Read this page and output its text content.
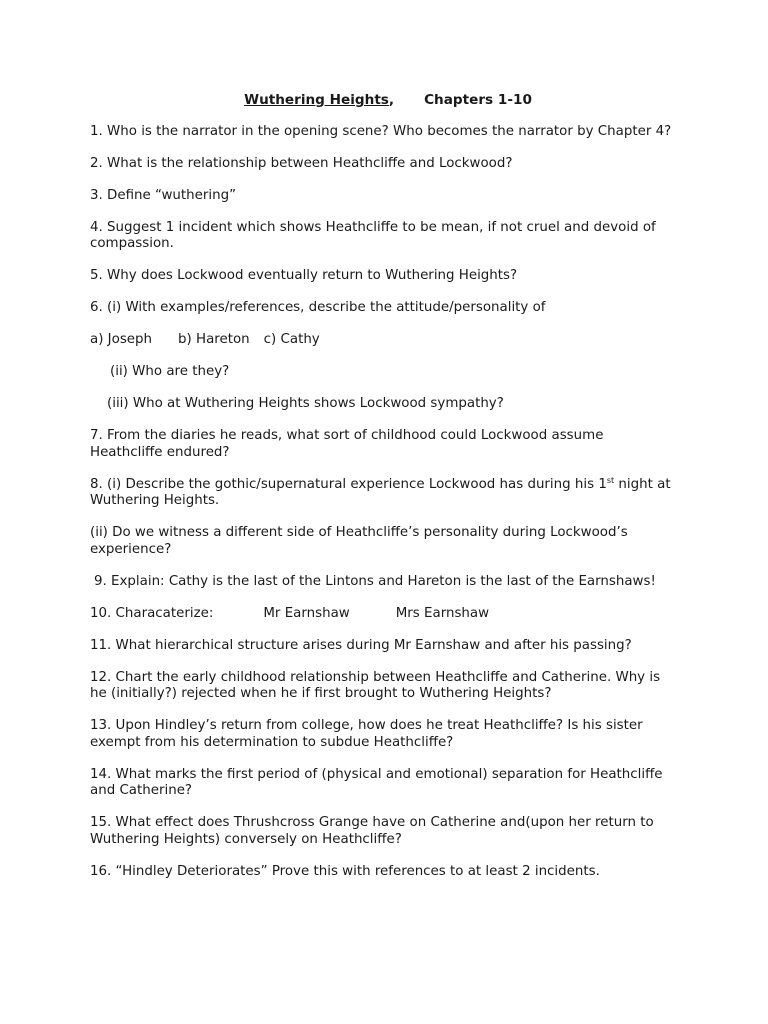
Wuthering Heights, Chapters 1-10
1. Who is the narrator in the opening scene? Who becomes the narrator by Chapter 4?
2. What is the relationship between Heathcliffe and Lockwood?
3. Define “wuthering”
4. Suggest 1 incident which shows Heathcliffe to be mean, if not cruel and devoid of compassion.
5. Why does Lockwood eventually return to Wuthering Heights?
6. (i) With examples/references, describe the attitude/personality of
a) Joseph b) Hareton c) Cathy
(ii) Who are they?
(iii) Who at Wuthering Heights shows Lockwood sympathy?
7. From the diaries he reads, what sort of childhood could Lockwood assume Heathcliffe endured?
8. (i) Describe the gothic/supernatural experience Lockwood has during his 1st night at Wuthering Heights.
(ii) Do we witness a different side of Heathcliffe’s personality during Lockwood’s experience?
9. Explain: Cathy is the last of the Lintons and Hareton is the last of the Earnshaws!
10. Characaterize:	Mr Earnshaw	Mrs Earnshaw
11. What hierarchical structure arises during Mr Earnshaw and after his passing?
12. Chart the early childhood relationship between Heathcliffe and Catherine. Why is he (initially?) rejected when he if first brought to Wuthering Heights?
13. Upon Hindley’s return from college, how does he treat Heathcliffe? Is his sister exempt from his determination to subdue Heathcliffe?
14. What marks the first period of (physical and emotional) separation for Heathcliffe and Catherine?
15. What effect does Thrushcross Grange have on Catherine and(upon her return to Wuthering Heights) conversely on Heathcliffe?
16. “Hindley Deteriorates” Prove this with references to at least 2 incidents.
